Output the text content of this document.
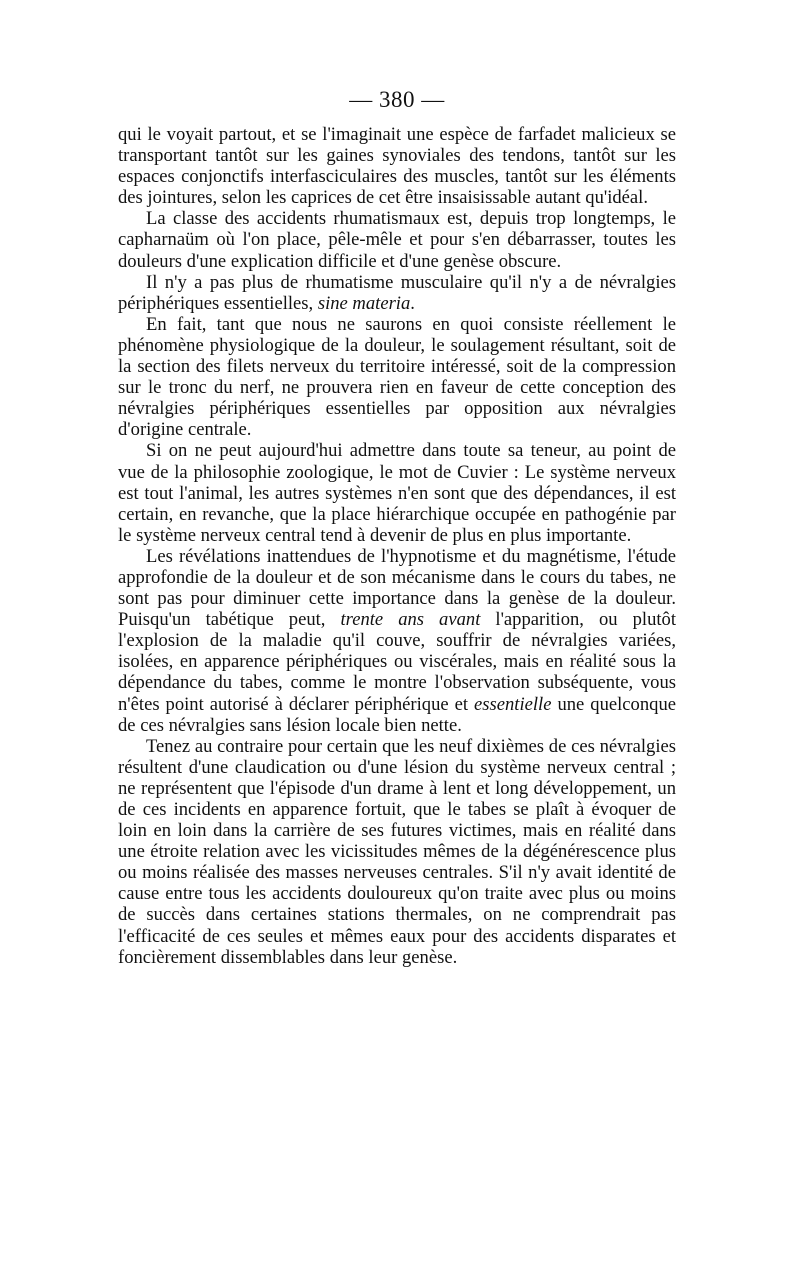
— 380 —

qui le voyait partout, et se l'imaginait une espèce de farfadet malicieux se transportant tantôt sur les gaines synoviales des tendons, tantôt sur les espaces conjonctifs interfasciculaires des muscles, tantôt sur les éléments des jointures, selon les caprices de cet être insaisissable autant qu'idéal.

La classe des accidents rhumatismaux est, depuis trop longtemps, le capharnaüm où l'on place, pêle-mêle et pour s'en débarrasser, toutes les douleurs d'une explication difficile et d'une genèse obscure.

Il n'y a pas plus de rhumatisme musculaire qu'il n'y a de névralgies périphériques essentielles, sine materia.

En fait, tant que nous ne saurons en quoi consiste réellement le phénomène physiologique de la douleur, le soulagement résultant, soit de la section des filets nerveux du territoire intéressé, soit de la compression sur le tronc du nerf, ne prouvera rien en faveur de cette conception des névralgies périphériques essentielles par opposition aux névralgies d'origine centrale.

Si on ne peut aujourd'hui admettre dans toute sa teneur, au point de vue de la philosophie zoologique, le mot de Cuvier : Le système nerveux est tout l'animal, les autres systèmes n'en sont que des dépendances, il est certain, en revanche, que la place hiérarchique occupée en pathogénie par le système nerveux central tend à devenir de plus en plus importante.

Les révélations inattendues de l'hypnotisme et du magnétisme, l'étude approfondie de la douleur et de son mécanisme dans le cours du tabes, ne sont pas pour diminuer cette importance dans la genèse de la douleur. Puisqu'un tabétique peut, trente ans avant l'apparition, ou plutôt l'explosion de la maladie qu'il couve, souffrir de névralgies variées, isolées, en apparence périphériques ou viscérales, mais en réalité sous la dépendance du tabes, comme le montre l'observation subséquente, vous n'êtes point autorisé à déclarer périphérique et essentielle une quelconque de ces névralgies sans lésion locale bien nette.

Tenez au contraire pour certain que les neuf dixièmes de ces névralgies résultent d'une claudication ou d'une lésion du système nerveux central ; ne représentent que l'épisode d'un drame à lent et long développement, un de ces incidents en apparence fortuit, que le tabes se plaît à évoquer de loin en loin dans la carrière de ses futures victimes, mais en réalité dans une étroite relation avec les vicissitudes mêmes de la dégénérescence plus ou moins réalisée des masses nerveuses centrales. S'il n'y avait identité de cause entre tous les accidents douloureux qu'on traite avec plus ou moins de succès dans certaines stations thermales, on ne comprendrait pas l'efficacité de ces seules et mêmes eaux pour des accidents disparates et foncièrement dissemblables dans leur genèse.
